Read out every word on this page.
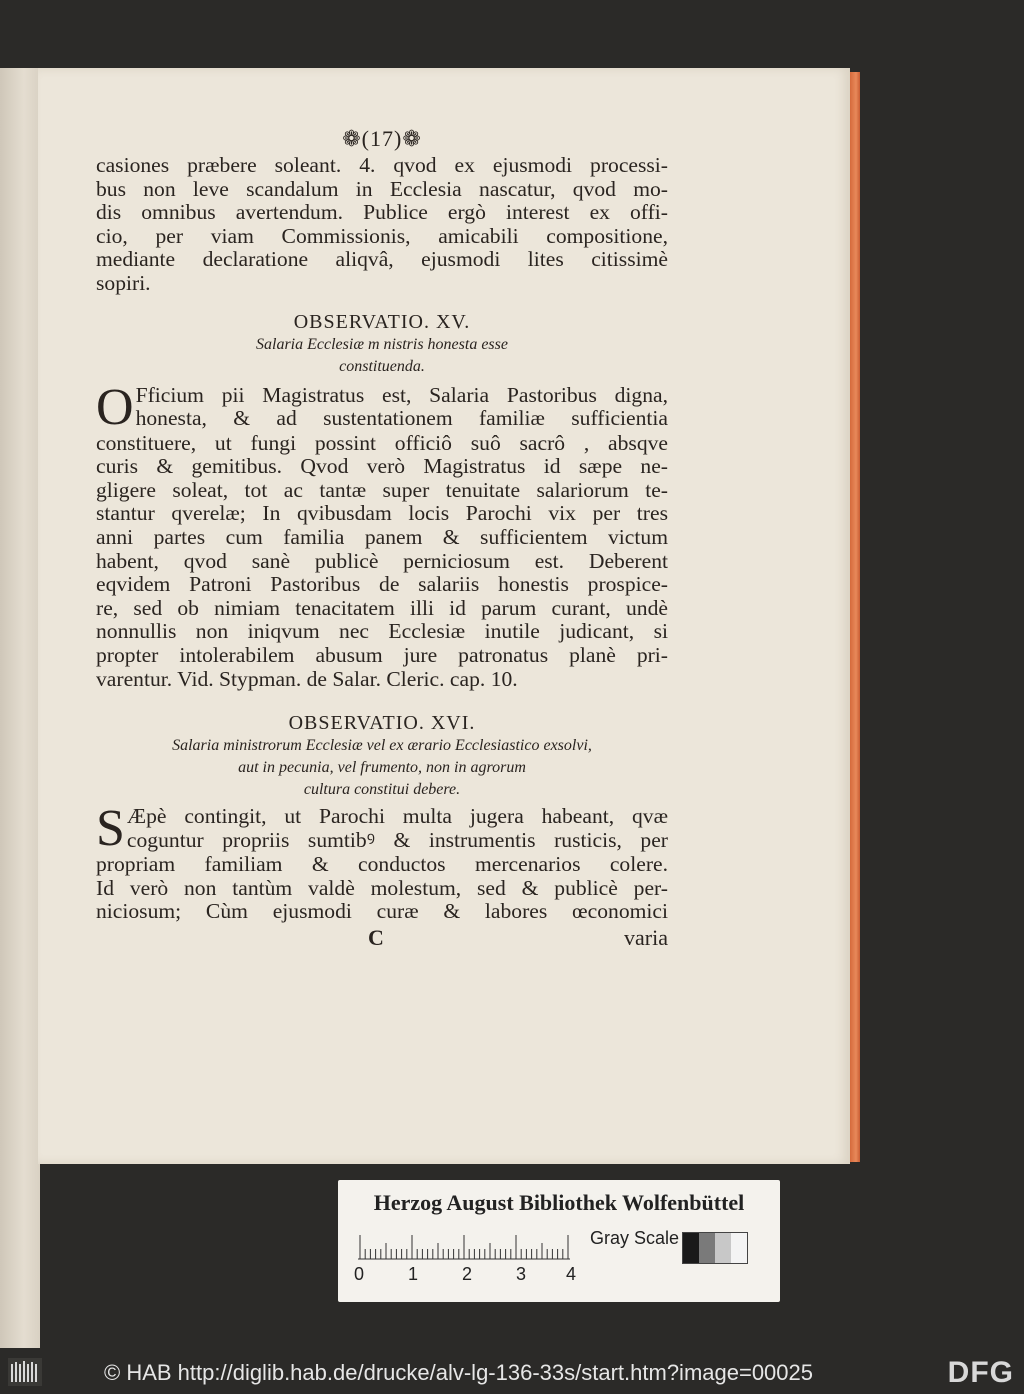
❁(17)❁
casiones præbere soleant. 4. qvod ex ejusmodi processi-
bus non leve scandalum in Ecclesia nascatur, qvod mo-
dis omnibus avertendum. Publice ergò interest ex offi-
cio, per viam Commissionis, amicabili compositione,
mediante declaratione aliqvâ, ejusmodi lites citissimè
sopiri.
OBSERVATIO. XV.
Salaria Ecclesiæ m nistris honesta esse
constituenda.
O Fficium pii Magistratus est, Salaria Pastoribus digna,
honesta, & ad sustentationem familiæ sufficientia
constituere, ut fungi possint officiô suô sacrô , absqve
curis & gemitibus. Qvod verò Magistratus id sæpe ne-
gligere soleat, tot ac tantæ super tenuitate salariorum te-
stantur qverelæ; In qvibusdam locis Parochi vix per tres
anni partes cum familia panem & sufficientem victum
habent, qvod sanè publicè perniciosum est. Deberent
eqvidem Patroni Pastoribus de salariis honestis prospice-
re, sed ob nimiam tenacitatem illi id parum curant, undè
nonnullis non iniqvum nec Ecclesiæ inutile judicant, si
propter intolerabilem abusum jure patronatus planè pri-
varentur. Vid. Stypman. de Salar. Cleric. cap. 10.
OBSERVATIO. XVI.
Salaria ministrorum Ecclesiæ vel ex ærario Ecclesiastico exsolvi,
aut in pecunia, vel frumento, non in agrorum
cultura constitui debere.
S Æpè contingit, ut Parochi multa jugera habeant, qvæ
coguntur propriis sumtibꝰ & instrumentis rusticis, per
propriam familiam & conductos mercenarios colere.
Id verò non tantùm valdè molestum, sed & publicè per-
niciosum; Cùm ejusmodi curæ & labores œconomici
C	varia
Herzog August Bibliothek Wolfenbüttel
0 1 2 3 4
Gray Scale
© HAB http://diglib.hab.de/drucke/alv-lg-136-33s/start.htm?image=00025	DFG
